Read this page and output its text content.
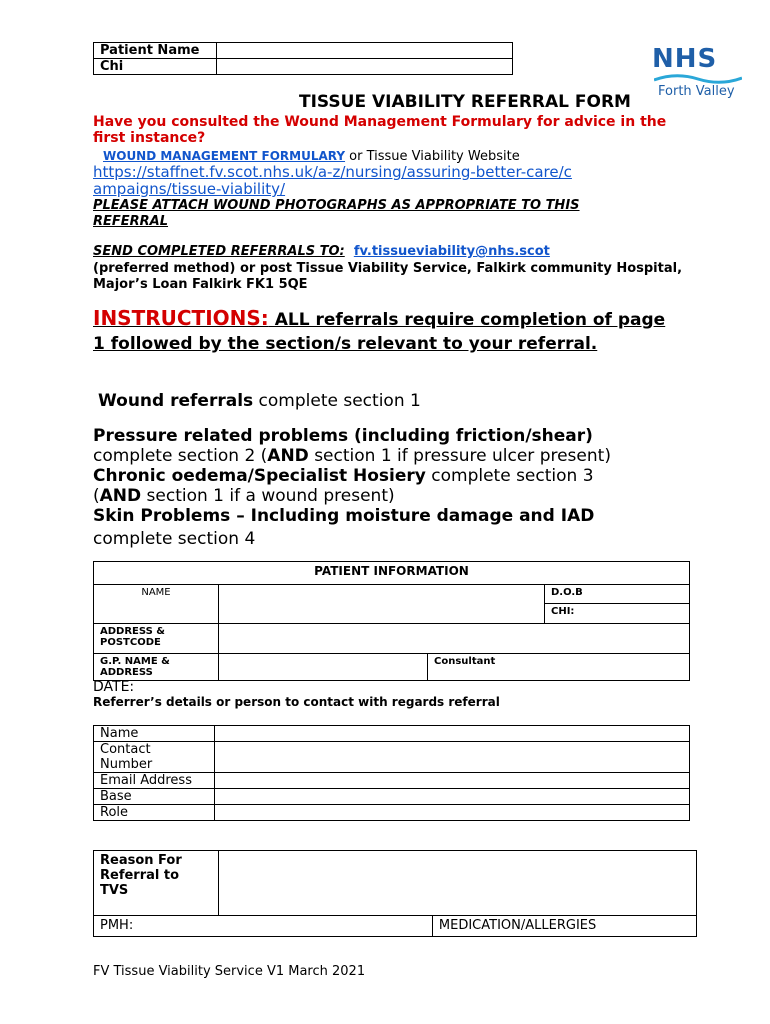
Patient Name	
Chi		NHS
Forth Valley
TISSUE VIABILITY REFERRAL FORM
Have you consulted the Wound Management Formulary for advice in the first instance?
WOUND MANAGEMENT FORMULARY or Tissue Viability Website
https://staffnet.fv.scot.nhs.uk/a-z/nursing/assuring-better-care/campaigns/tissue-viability/
PLEASE ATTACH WOUND PHOTOGRAPHS AS APPROPRIATE TO THIS REFERRAL
SEND COMPLETED REFERRALS TO: fv.tissueviability@nhs.scot
(preferred method) or post Tissue Viability Service, Falkirk community Hospital, Major’s Loan Falkirk FK1 5QE
INSTRUCTIONS: ALL referrals require completion of page 1 followed by the section/s relevant to your referral.
Wound referrals complete section 1
Pressure related problems (including friction/shear)
complete section 2 (AND section 1 if pressure ulcer present)
Chronic oedema/Specialist Hosiery complete section 3
(AND section 1 if a wound present)
Skin Problems – Including moisture damage and IAD
complete section 4
PATIENT INFORMATION			
NAME			D.O.B
			CHI:
ADDRESS & POSTCODE			
G.P. NAME & ADDRESS		Consultant	
DATE:
Referrer’s details or person to contact with regards referral
Name	

Contact Number	

Email Address	
Base	
Role	
Reason For Referral to TVS		

PMH:		MEDICATION/ALLERGIES
FV Tissue Viability Service V1 March 2021
